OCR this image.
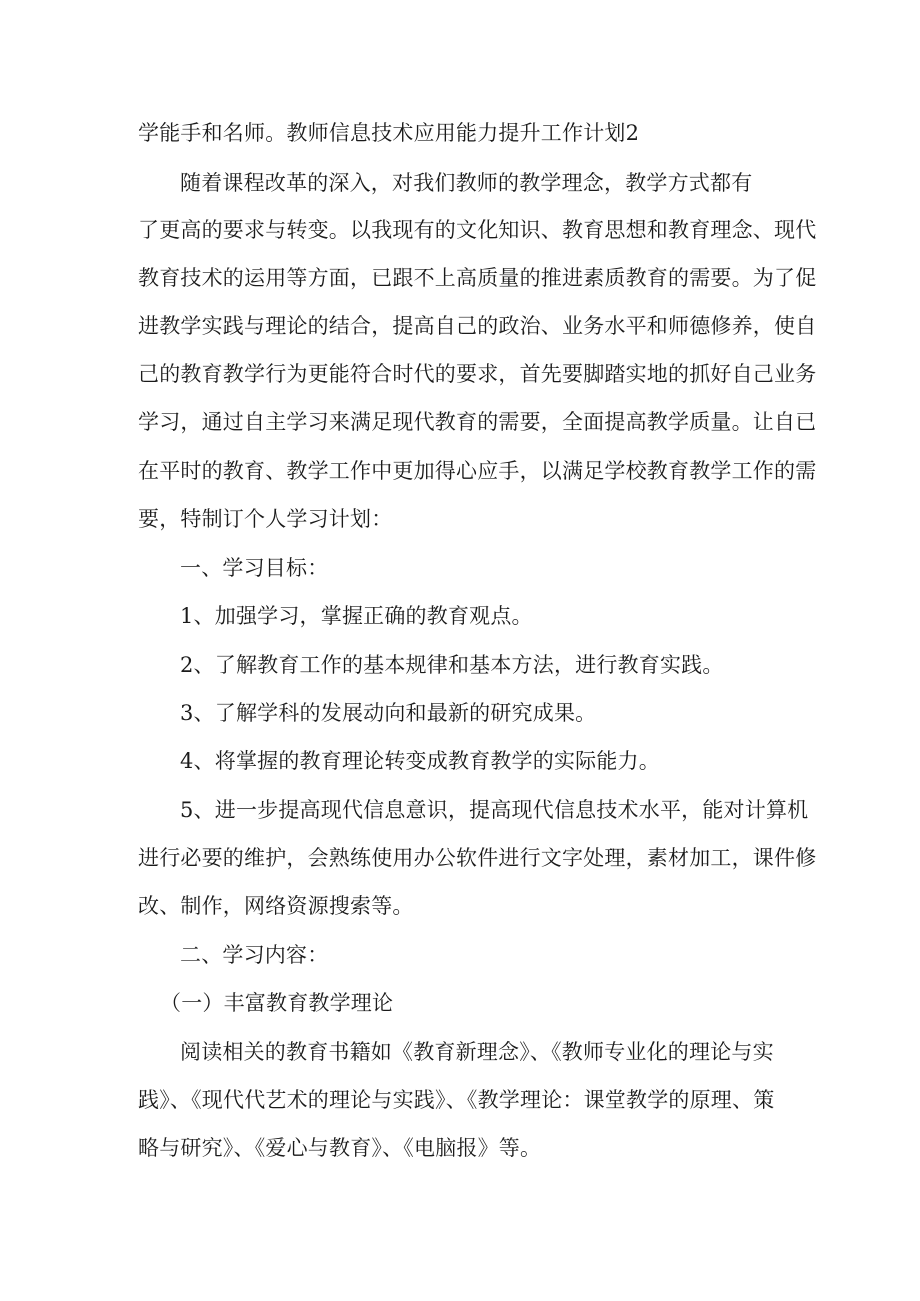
学能手和名师。教师信息技术应用能力提升工作计划2
随着课程改革的深入，对我们教师的教学理念，教学方式都有
了更高的要求与转变。以我现有的文化知识、教育思想和教育理念、现代
教育技术的运用等方面，已跟不上高质量的推进素质教育的需要。为了促
进教学实践与理论的结合，提高自己的政治、业务水平和师德修养，使自
己的教育教学行为更能符合时代的要求，首先要脚踏实地的抓好自己业务
学习，通过自主学习来满足现代教育的需要，全面提高教学质量。让自已
在平时的教育、教学工作中更加得心应手，以满足学校教育教学工作的需
要，特制订个人学习计划：
一、学习目标：
1、加强学习，掌握正确的教育观点。
2、了解教育工作的基本规律和基本方法，进行教育实践。
3、了解学科的发展动向和最新的研究成果。
4、将掌握的教育理论转变成教育教学的实际能力。
5、进一步提高现代信息意识，提高现代信息技术水平，能对计算机
进行必要的维护，会熟练使用办公软件进行文字处理，素材加工，课件修
改、制作，网络资源搜索等。
二、学习内容：
（一）丰富教育教学理论
阅读相关的教育书籍如《教育新理念》、《教师专业化的理论与实
践》、《现代代艺术的理论与实践》、《教学理论：课堂教学的原理、策
略与研究》、《爱心与教育》、《电脑报》等。
